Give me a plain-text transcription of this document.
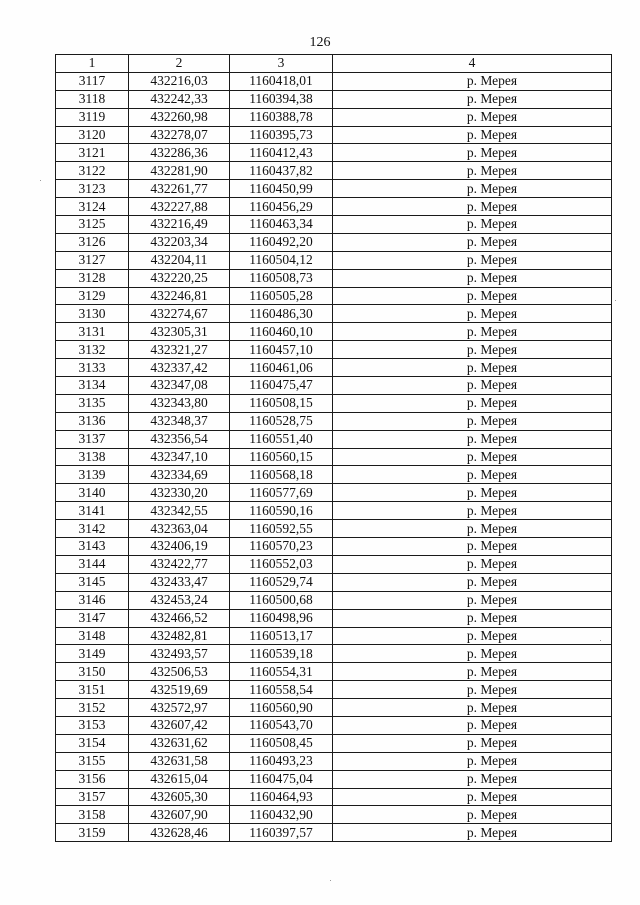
126
1	2	3	4
3117	432216,03	1160418,01	р. Мерея
3118	432242,33	1160394,38	р. Мерея
3119	432260,98	1160388,78	р. Мерея
3120	432278,07	1160395,73	р. Мерея
3121	432286,36	1160412,43	р. Мерея
3122	432281,90	1160437,82	р. Мерея
3123	432261,77	1160450,99	р. Мерея
3124	432227,88	1160456,29	р. Мерея
3125	432216,49	1160463,34	р. Мерея
3126	432203,34	1160492,20	р. Мерея
3127	432204,11	1160504,12	р. Мерея
3128	432220,25	1160508,73	р. Мерея
3129	432246,81	1160505,28	р. Мерея
3130	432274,67	1160486,30	р. Мерея
3131	432305,31	1160460,10	р. Мерея
3132	432321,27	1160457,10	р. Мерея
3133	432337,42	1160461,06	р. Мерея
3134	432347,08	1160475,47	р. Мерея
3135	432343,80	1160508,15	р. Мерея
3136	432348,37	1160528,75	р. Мерея
3137	432356,54	1160551,40	р. Мерея
3138	432347,10	1160560,15	р. Мерея
3139	432334,69	1160568,18	р. Мерея
3140	432330,20	1160577,69	р. Мерея
3141	432342,55	1160590,16	р. Мерея
3142	432363,04	1160592,55	р. Мерея
3143	432406,19	1160570,23	р. Мерея
3144	432422,77	1160552,03	р. Мерея
3145	432433,47	1160529,74	р. Мерея
3146	432453,24	1160500,68	р. Мерея
3147	432466,52	1160498,96	р. Мерея
3148	432482,81	1160513,17	р. Мерея
3149	432493,57	1160539,18	р. Мерея
3150	432506,53	1160554,31	р. Мерея
3151	432519,69	1160558,54	р. Мерея
3152	432572,97	1160560,90	р. Мерея
3153	432607,42	1160543,70	р. Мерея
3154	432631,62	1160508,45	р. Мерея
3155	432631,58	1160493,23	р. Мерея
3156	432615,04	1160475,04	р. Мерея
3157	432605,30	1160464,93	р. Мерея
3158	432607,90	1160432,90	р. Мерея
3159	432628,46	1160397,57	р. Мерея
